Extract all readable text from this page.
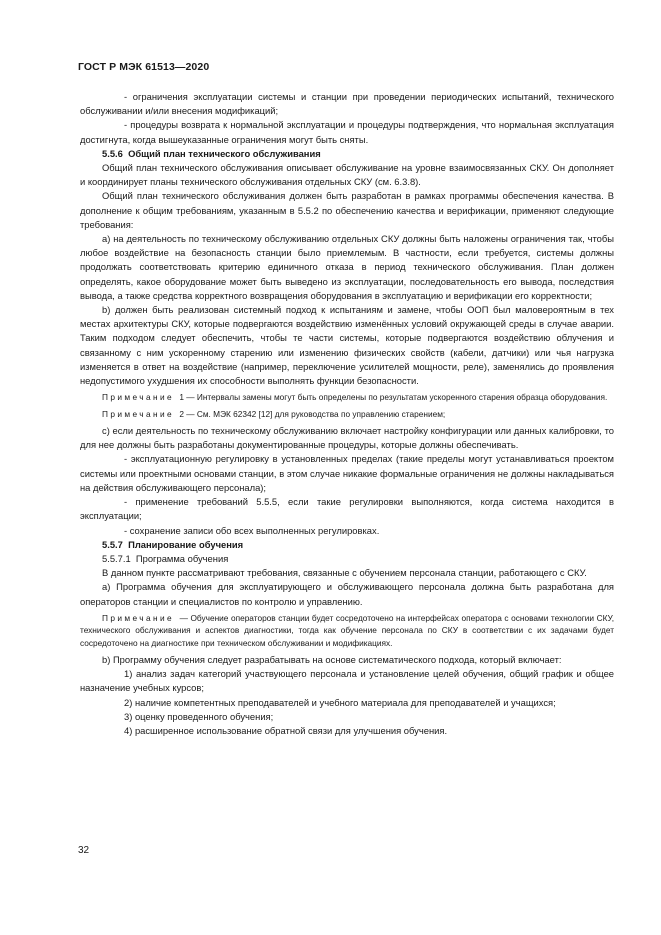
ГОСТ Р МЭК 61513—2020

- ограничения эксплуатации системы и станции при проведении периодических испытаний, технического обслуживании и/или внесения модификаций;

- процедуры возврата к нормальной эксплуатации и процедуры подтверждения, что нормальная эксплуатация достигнута, когда вышеуказанные ограничения могут быть сняты.

5.5.6 Общий план технического обслуживания

Общий план технического обслуживания описывает обслуживание на уровне взаимосвязанных СКУ. Он дополняет и координирует планы технического обслуживания отдельных СКУ (см. 6.3.8).

Общий план технического обслуживания должен быть разработан в рамках программы обеспечения качества. В дополнение к общим требованиям, указанным в 5.5.2 по обеспечению качества и верификации, применяют следующие требования:

a) на деятельность по техническому обслуживанию отдельных СКУ должны быть наложены ограничения так, чтобы любое воздействие на безопасность станции было приемлемым. В частности, если требуется, системы должны продолжать соответствовать критерию единичного отказа в период технического обслуживания. План должен определять, какое оборудование может быть выведено из эксплуатации, последовательность его вывода, последствия вывода, а также средства корректного возвращения оборудования в эксплуатацию и верификации его корректности;

b) должен быть реализован системный подход к испытаниям и замене, чтобы ООП был маловероятным в тех местах архитектуры СКУ, которые подвергаются воздействию изменённых условий окружающей среды в случае аварии. Таким подходом следует обеспечить, чтобы те части системы, которые подвергаются воздействию облучения и связанному с ним ускоренному старению или изменению физических свойств (кабели, датчики) или чья нагрузка изменяется в ответ на воздействие (например, переключение усилителей мощности, реле), заменялись до проявления недопустимого ухудшения их способности выполнять функции безопасности.

Примечание 1 — Интервалы замены могут быть определены по результатам ускоренного старения образца оборудования.

Примечание 2 — См. МЭК 62342 [12] для руководства по управлению старением;

c) если деятельность по техническому обслуживанию включает настройку конфигурации или данных калибровки, то для нее должны быть разработаны документированные процедуры, которые должны обеспечивать.

- эксплуатационную регулировку в установленных пределах (такие пределы могут устанавливаться проектом системы или проектными основами станции, в этом случае никакие формальные ограничения не должны накладываться на действия обслуживающего персонала);

- применение требований 5.5.5, если такие регулировки выполняются, когда система находится в эксплуатации;

- сохранение записи обо всех выполненных регулировках.

5.5.7 Планирование обучения

5.5.7.1 Программа обучения

В данном пункте рассматривают требования, связанные с обучением персонала станции, работающего с СКУ.

a) Программа обучения для эксплуатирующего и обслуживающего персонала должна быть разработана для операторов станции и специалистов по контролю и управлению.

Примечание — Обучение операторов станции будет сосредоточено на интерфейсах оператора с основами технологии СКУ, технического обслуживания и аспектов диагностики, тогда как обучение персонала по СКУ в соответствии с их задачами будет сосредоточено на диагностике при техническом обслуживании и модификациях.

b) Программу обучения следует разрабатывать на основе систематического подхода, который включает:

1) анализ задач категорий участвующего персонала и установление целей обучения, общий график и общее назначение учебных курсов;

2) наличие компетентных преподавателей и учебного материала для преподавателей и учащихся;

3) оценку проведенного обучения;

4) расширенное использование обратной связи для улучшения обучения.

32
